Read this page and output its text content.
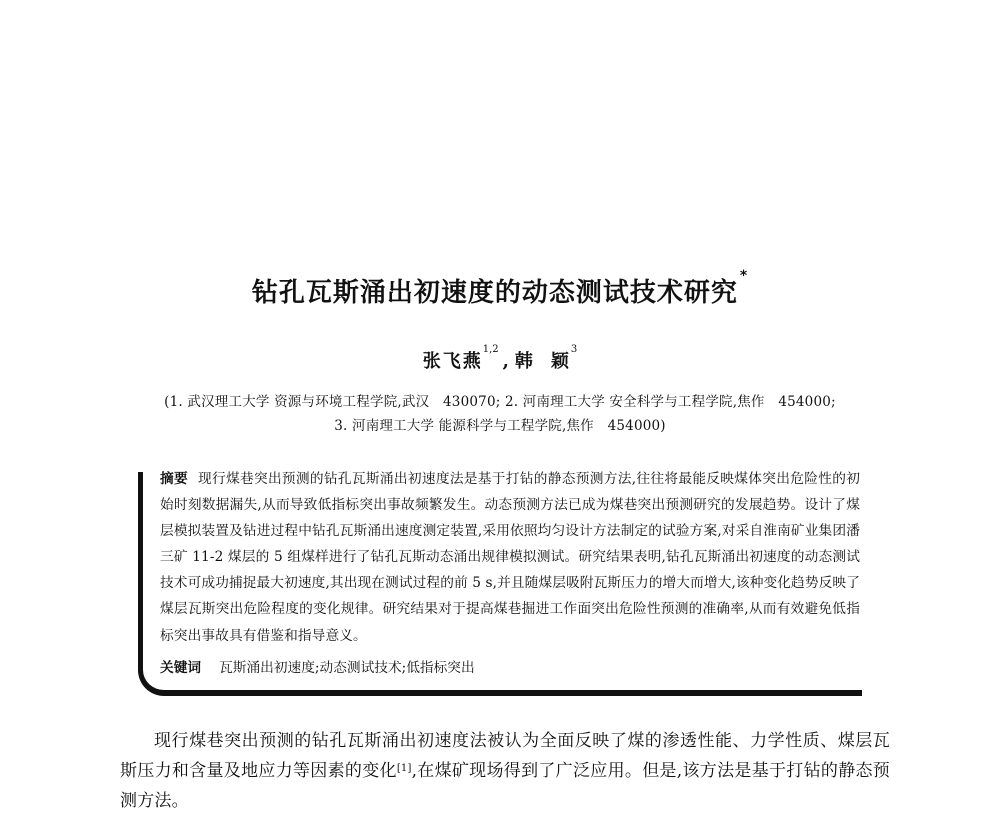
钻孔瓦斯涌出初速度的动态测试技术研究*
张飞燕$^{1,2}$, 韩 颖$^3$
(1. 武汉理工大学 资源与环境工程学院,武汉　430070; 2. 河南理工大学 安全科学与工程学院,焦作　454000;
3. 河南理工大学 能源科学与工程学院,焦作　454000)
摘要 现行煤巷突出预测的钻孔瓦斯涌出初速度法是基于打钻的静态预测方法,往往将最能反映煤体突出危险性的初始时刻数据漏失,从而导致低指标突出事故频繁发生。动态预测方法已成为煤巷突出预测研究的发展趋势。设计了煤层模拟装置及钻进过程中钻孔瓦斯涌出速度测定装置,采用依照均匀设计方法制定的试验方案,对采自淮南矿业集团潘三矿 11-2 煤层的 5 组煤样进行了钻孔瓦斯动态涌出规律模拟测试。研究结果表明,钻孔瓦斯涌出初速度的动态测试技术可成功捕捉最大初速度,其出现在测试过程的前 5 s,并且随煤层吸附瓦斯压力的增大而增大,该种变化趋势反映了煤层瓦斯突出危险程度的变化规律。研究结果对于提高煤巷掘进工作面突出危险性预测的准确率,从而有效避免低指标突出事故具有借鉴和指导意义。
关键词 瓦斯涌出初速度;动态测试技术;低指标突出
现行煤巷突出预测的钻孔瓦斯涌出初速度法被认为全面反映了煤的渗透性能、力学性质、煤层瓦斯压力和含量及地应力等因素的变化[1],在煤矿现场得到了广泛应用。但是,该方法是基于打钻的静态预测方法。
